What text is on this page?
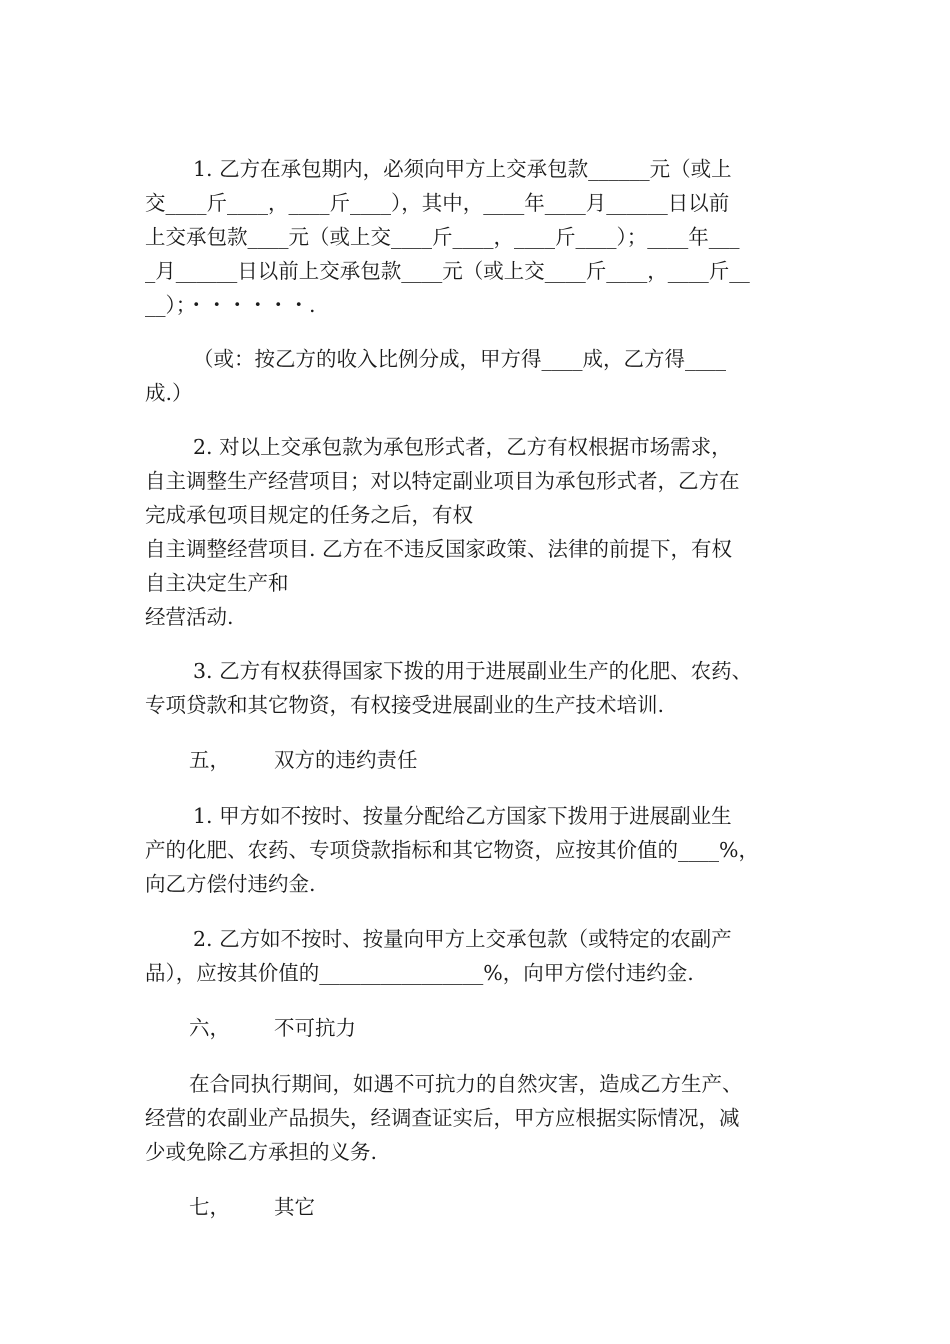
1. 乙方在承包期内，必须向甲方上交承包款______元（或上
交____斤____，____斤____），其中，____年____月______日以前
上交承包款____元（或上交____斤____，____斤____）；____年___
_月______日以前上交承包款____元（或上交____斤____，____斤__
__）；・・・・・・.
（或：按乙方的收入比例分成，甲方得____成，乙方得____
成.）
2. 对以上交承包款为承包形式者，乙方有权根据市场需求，
自主调整生产经营项目；对以特定副业项目为承包形式者，乙方在
完成承包项目规定的任务之后，有权
自主调整经营项目. 乙方在不违反国家政策、法律的前提下，有权
自主决定生产和
经营活动.
3. 乙方有权获得国家下拨的用于进展副业生产的化肥、农药、
专项贷款和其它物资，有权接受进展副业的生产技术培训.
五， 双方的违约责任
1. 甲方如不按时、按量分配给乙方国家下拨用于进展副业生
产的化肥、农药、专项贷款指标和其它物资，应按其价值的____%，
向乙方偿付违约金.
2. 乙方如不按时、按量向甲方上交承包款（或特定的农副产
品），应按其价值的________________%，向甲方偿付违约金.
六， 不可抗力
在合同执行期间，如遇不可抗力的自然灾害，造成乙方生产、
经营的农副业产品损失，经调查证实后，甲方应根据实际情况，减
少或免除乙方承担的义务.
七， 其它
